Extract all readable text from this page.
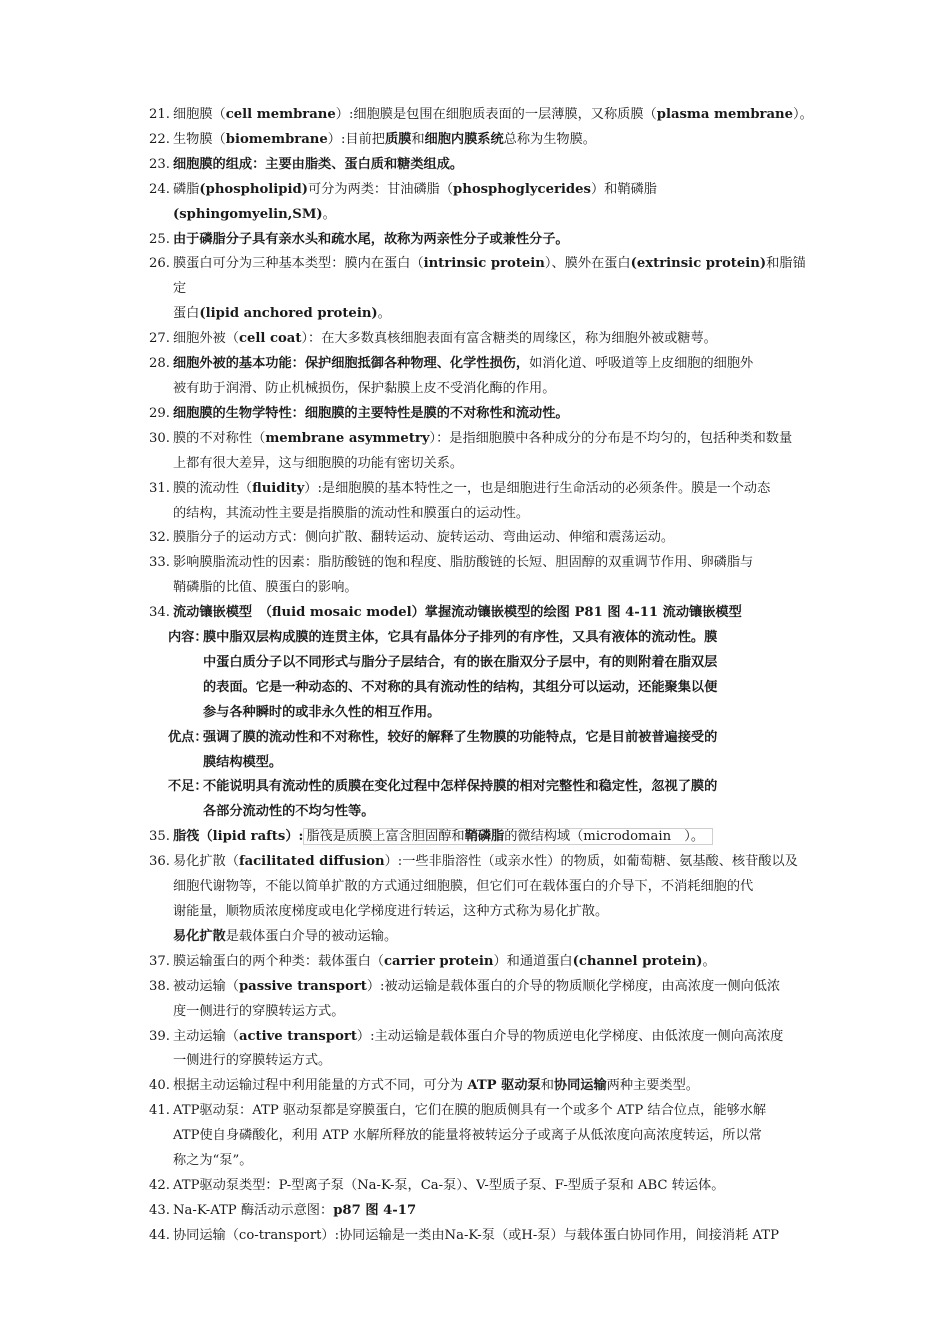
21. 细胞膜（cell membrane）:细胞膜是包围在细胞质表面的一层薄膜，又称质膜（plasma membrane）。
22. 生物膜（biomembrane）:目前把质膜和细胞内膜系统总称为生物膜。
23. 细胞膜的组成：主要由脂类、蛋白质和糖类组成。
24. 磷脂(phospholipid)可分为两类：甘油磷脂（phosphoglycerides）和鞘磷脂(sphingomyelin,SM)。
25. 由于磷脂分子具有亲水头和疏水尾，故称为两亲性分子或兼性分子。
26. 膜蛋白可分为三种基本类型：膜内在蛋白（intrinsic protein）、膜外在蛋白(extrinsic protein)和脂锚定
蛋白(lipid anchored protein)。
27. 细胞外被（cell coat）：在大多数真核细胞表面有富含糖类的周缘区，称为细胞外被或糖萼。
28. 细胞外被的基本功能：保护细胞抵御各种物理、化学性损伤，如消化道、呼吸道等上皮细胞的细胞外
被有助于润滑、防止机械损伤，保护黏膜上皮不受消化酶的作用。
29. 细胞膜的生物学特性：细胞膜的主要特性是膜的不对称性和流动性。
30. 膜的不对称性（membrane asymmetry）：是指细胞膜中各种成分的分布是不均匀的，包括种类和数量
上都有很大差异，这与细胞膜的功能有密切关系。
31. 膜的流动性（fluidity）:是细胞膜的基本特性之一，也是细胞进行生命活动的必须条件。膜是一个动态
的结构，其流动性主要是指膜脂的流动性和膜蛋白的运动性。
32. 膜脂分子的运动方式：侧向扩散、翻转运动、旋转运动、弯曲运动、伸缩和震荡运动。
33. 影响膜脂流动性的因素：脂肪酸链的饱和程度、脂肪酸链的长短、胆固醇的双重调节作用、卵磷脂与
鞘磷脂的比值、膜蛋白的影响。
34. 流动镶嵌模型　（fluid mosaic model）掌握流动镶嵌模型的绘图 P81 图 4-11 流动镶嵌模型
内容：
膜中脂双层构成膜的连贯主体，它具有晶体分子排列的有序性，又具有液体的流动性。膜
中蛋白质分子以不同形式与脂分子层结合，有的嵌在脂双分子层中，有的则附着在脂双层
的表面。它是一种动态的、不对称的具有流动性的结构，其组分可以运动，还能聚集以便
参与各种瞬时的或非永久性的相互作用。
优点：
强调了膜的流动性和不对称性，较好的解释了生物膜的功能特点，它是目前被普遍接受的
膜结构模型。
不足：
不能说明具有流动性的质膜在变化过程中怎样保持膜的相对完整性和稳定性，忽视了膜的
各部分流动性的不均匀性等。
35. 脂筏（lipid rafts）: 脂筏是质膜上富含胆固醇和鞘磷脂的微结构域（microdomain　）。
36. 易化扩散（facilitated diffusion）:一些非脂溶性（或亲水性）的物质，如葡萄糖、氨基酸、核苷酸以及
细胞代谢物等，不能以简单扩散的方式通过细胞膜，但它们可在载体蛋白的介导下，不消耗细胞的代
谢能量，顺物质浓度梯度或电化学梯度进行转运，这种方式称为易化扩散。
易化扩散是载体蛋白介导的被动运输。
37. 膜运输蛋白的两个种类：载体蛋白（carrier protein）和通道蛋白(channel protein)。
38. 被动运输（passive transport）:被动运输是载体蛋白的介导的物质顺化学梯度，由高浓度一侧向低浓
度一侧进行的穿膜转运方式。
39. 主动运输（active transport）:主动运输是载体蛋白介导的物质逆电化学梯度、由低浓度一侧向高浓度
一侧进行的穿膜转运方式。
40. 根据主动运输过程中利用能量的方式不同，可分为 ATP 驱动泵和协同运输两种主要类型。
41. ATP驱动泵：ATP 驱动泵都是穿膜蛋白，它们在膜的胞质侧具有一个或多个 ATP 结合位点，能够水解
ATP使自身磷酸化，利用 ATP 水解所释放的能量将被转运分子或离子从低浓度向高浓度转运，所以常
称之为“泵”。
42. ATP驱动泵类型：P-型离子泵（Na-K-泵，Ca-泵）、V-型质子泵、F-型质子泵和 ABC 转运体。
43. Na-K-ATP 酶活动示意图：p87 图 4-17
44. 协同运输（co-transport）:协同运输是一类由Na-K-泵（或H-泵）与载体蛋白协同作用，间接消耗 ATP
